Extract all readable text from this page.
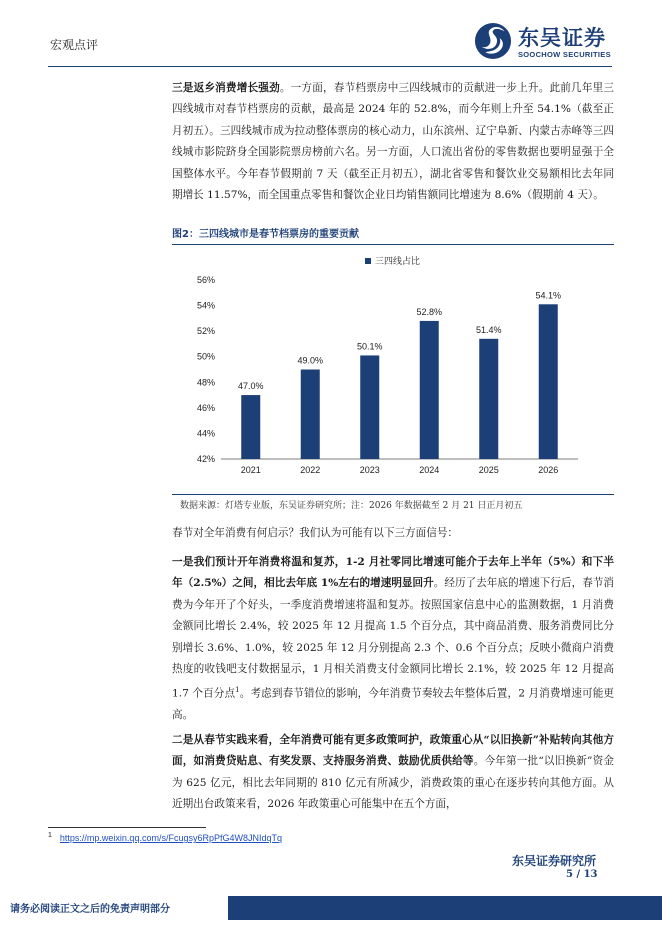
宏观点评	东吴证券
SOOCHOW SECURITIES
三是返乡消费增长强劲。一方面，春节档票房中三四线城市的贡献进一步上升。此前几年里三四线城市对春节档票房的贡献，最高是 2024 年的 52.8%，而今年则上升至 54.1%（截至正月初五）。三四线城市成为拉动整体票房的核心动力，山东滨州、辽宁阜新、内蒙古赤峰等三四线城市影院跻身全国影院票房榜前六名。另一方面，人口流出省份的零售数据也要明显强于全国整体水平。今年春节假期前 7 天（截至正月初五），湖北省零售和餐饮业交易额相比去年同期增长 11.57%，而全国重点零售和餐饮企业日均销售额同比增速为 8.6%（假期前 4 天）。
图2：三四线城市是春节档票房的重要贡献
三四线占比
42%
44%
46%
48%
50%
52%
54%
56%
47.0%
49.0%
50.1%
52.8%
51.4%
54.1%
2021	2022	2023	2024	2025	2026
数据来源：灯塔专业版，东吴证券研究所；注：2026 年数据截至 2 月 21 日正月初五
春节对全年消费有何启示？我们认为可能有以下三方面信号：
一是我们预计开年消费将温和复苏，1-2 月社零同比增速可能介于去年上半年（5%）和下半年（2.5%）之间，相比去年底 1%左右的增速明显回升。经历了去年底的增速下行后，春节消费为今年开了个好头，一季度消费增速将温和复苏。按照国家信息中心的监测数据，1 月消费金额同比增长 2.4%，较 2025 年 12 月提高 1.5 个百分点，其中商品消费、服务消费同比分别增长 3.6%、1.0%，较 2025 年 12 月分别提高 2.3 个、0.6 个百分点；反映小微商户消费热度的收钱吧支付数据显示，1 月相关消费支付金额同比增长 2.1%，较 2025 年 12 月提高 1.7 个百分点$^1$。考虑到春节错位的影响，今年消费节奏较去年整体后置，2 月消费增速可能更高。
二是从春节实践来看，全年消费可能有更多政策呵护，政策重心从“以旧换新”补贴转向其他方面，如消费贷贴息、有奖发票、支持服务消费、鼓励优质供给等。今年第一批“以旧换新”资金为 625 亿元，相比去年同期的 810 亿元有所减少，消费政策的重心在逐步转向其他方面。从近期出台政策来看，2026 年政策重心可能集中在五个方面，
$^1$ https://mp.weixin.qq.com/s/Fcugsy6RpPfG4W8JNIdqTq
东吴证券研究所
5 / 13
请务必阅读正文之后的免责声明部分
